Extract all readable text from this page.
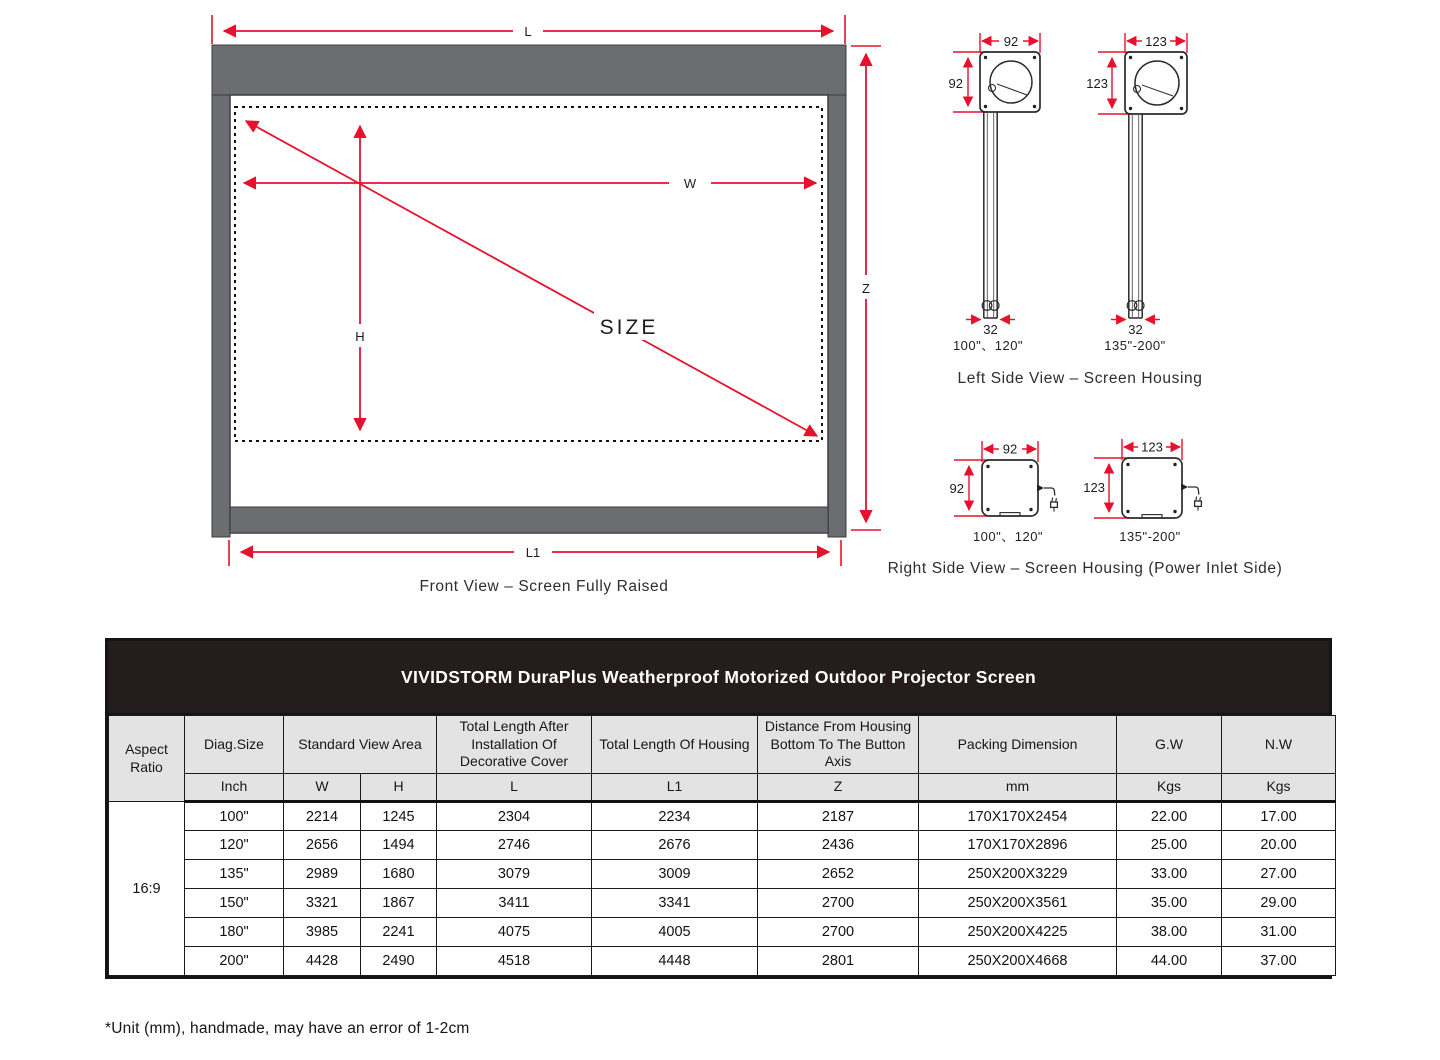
L
W
H	SIZE
Z
L1
Front View – Screen Fully Raised
92
92
32
100"、120"
123
123
32
135"-200"
Left Side View – Screen Housing
92
92
100"、120"
123
123
135"-200"
Right Side View – Screen Housing (Power Inlet Side)
VIVIDSTORM DuraPlus Weatherproof Motorized Outdoor Projector Screen
Aspect Ratio	Diag.Size	Standard View Area		Total Length After Installation Of Decorative Cover	Total Length Of Housing	Distance From Housing Bottom To The Button Axis	Packing Dimension	G.W	N.W
	Inch	W	H	L	L1	Z	mm	Kgs	Kgs
16:9	100"	2214	1245	2304	2234	2187	170X170X2454	22.00	17.00
	120"	2656	1494	2746	2676	2436	170X170X2896	25.00	20.00
	135"	2989	1680	3079	3009	2652	250X200X3229	33.00	27.00
	150"	3321	1867	3411	3341	2700	250X200X3561	35.00	29.00
	180"	3985	2241	4075	4005	2700	250X200X4225	38.00	31.00
	200"	4428	2490	4518	4448	2801	250X200X4668	44.00	37.00
*Unit (mm), handmade, may have an error of 1-2cm
